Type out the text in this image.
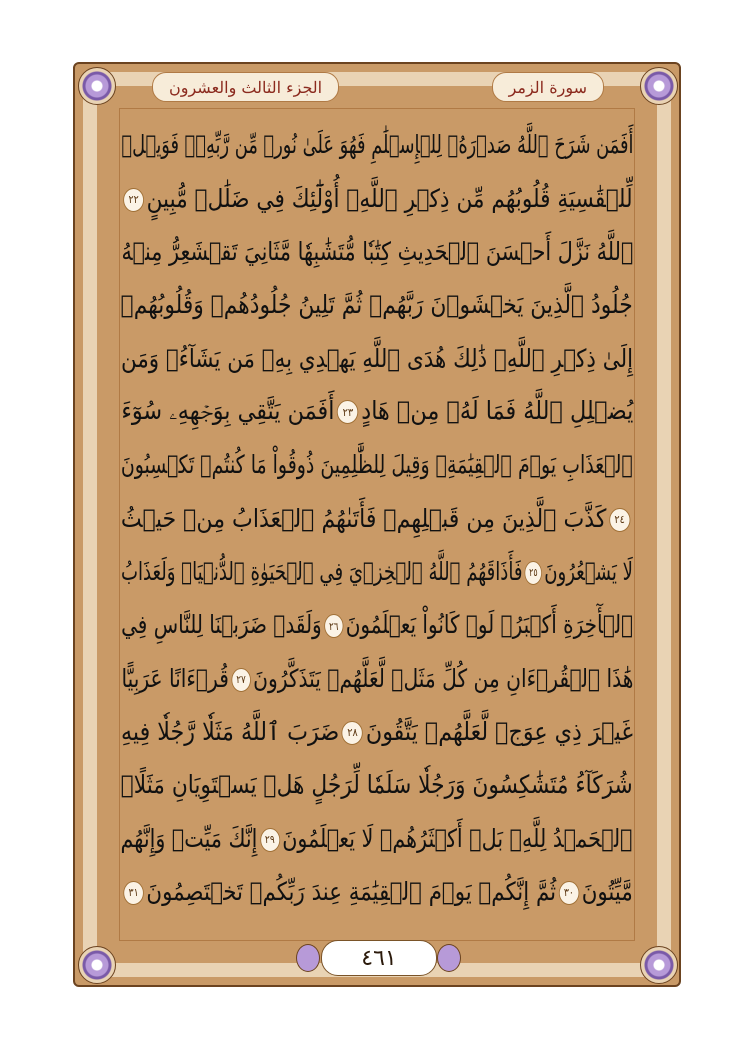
سورة الزمر
الجزء الثالث والعشرون
أَفَمَن شَرَحَ ٱللَّهُ صَدۡرَهُۥ لِلۡإِسۡلَٰمِ فَهُوَ عَلَىٰ نُورٖ مِّن رَّبِّهِۦۚ فَوَيۡلٞ
لِّلۡقَٰسِيَةِ قُلُوبُهُم مِّن ذِكۡرِ ٱللَّهِۚ أُوْلَٰٓئِكَ فِي ضَلَٰلٖ مُّبِينٍ٢٢
ٱللَّهُ نَزَّلَ أَحۡسَنَ ٱلۡحَدِيثِ كِتَٰبٗا مُّتَشَٰبِهٗا مَّثَانِيَ تَقۡشَعِرُّ مِنۡهُ
جُلُودُ ٱلَّذِينَ يَخۡشَوۡنَ رَبَّهُمۡ ثُمَّ تَلِينُ جُلُودُهُمۡ وَقُلُوبُهُمۡ
إِلَىٰ ذِكۡرِ ٱللَّهِۚ ذَٰلِكَ هُدَى ٱللَّهِ يَهۡدِي بِهِۦ مَن يَشَآءُۚ وَمَن
يُضۡلِلِ ٱللَّهُ فَمَا لَهُۥ مِنۡ هَادٍ٢٣أَفَمَن يَتَّقِي بِوَجۡهِهِۦ سُوٓءَ
ٱلۡعَذَابِ يَوۡمَ ٱلۡقِيَٰمَةِۚ وَقِيلَ لِلظَّٰلِمِينَ ذُوقُواْ مَا كُنتُمۡ تَكۡسِبُونَ
٢٤كَذَّبَ ٱلَّذِينَ مِن قَبۡلِهِمۡ فَأَتَىٰهُمُ ٱلۡعَذَابُ مِنۡ حَيۡثُ
لَا يَشۡعُرُونَ٢٥فَأَذَاقَهُمُ ٱللَّهُ ٱلۡخِزۡيَ فِي ٱلۡحَيَوٰةِ ٱلدُّنۡيَاۖ وَلَعَذَابُ
ٱلۡأٓخِرَةِ أَكۡبَرُۚ لَوۡ كَانُواْ يَعۡلَمُونَ٢٦وَلَقَدۡ ضَرَبۡنَا لِلنَّاسِ فِي
هَٰذَا ٱلۡقُرۡءَانِ مِن كُلِّ مَثَلٖ لَّعَلَّهُمۡ يَتَذَكَّرُونَ٢٧قُرۡءَانًا عَرَبِيًّا
غَيۡرَ ذِي عِوَجٖ لَّعَلَّهُمۡ يَتَّقُونَ٢٨ضَرَبَ ٱللَّهُ مَثَلٗا رَّجُلٗا فِيهِ
شُرَكَآءُ مُتَشَٰكِسُونَ وَرَجُلٗا سَلَمٗا لِّرَجُلٍ هَلۡ يَسۡتَوِيَانِ مَثَلًاۚ
ٱلۡحَمۡدُ لِلَّهِۚ بَلۡ أَكۡثَرُهُمۡ لَا يَعۡلَمُونَ٢٩إِنَّكَ مَيِّتٞ وَإِنَّهُم
مَّيِّتُونَ٣٠ثُمَّ إِنَّكُمۡ يَوۡمَ ٱلۡقِيَٰمَةِ عِندَ رَبِّكُمۡ تَخۡتَصِمُونَ٣١
٤٦١
